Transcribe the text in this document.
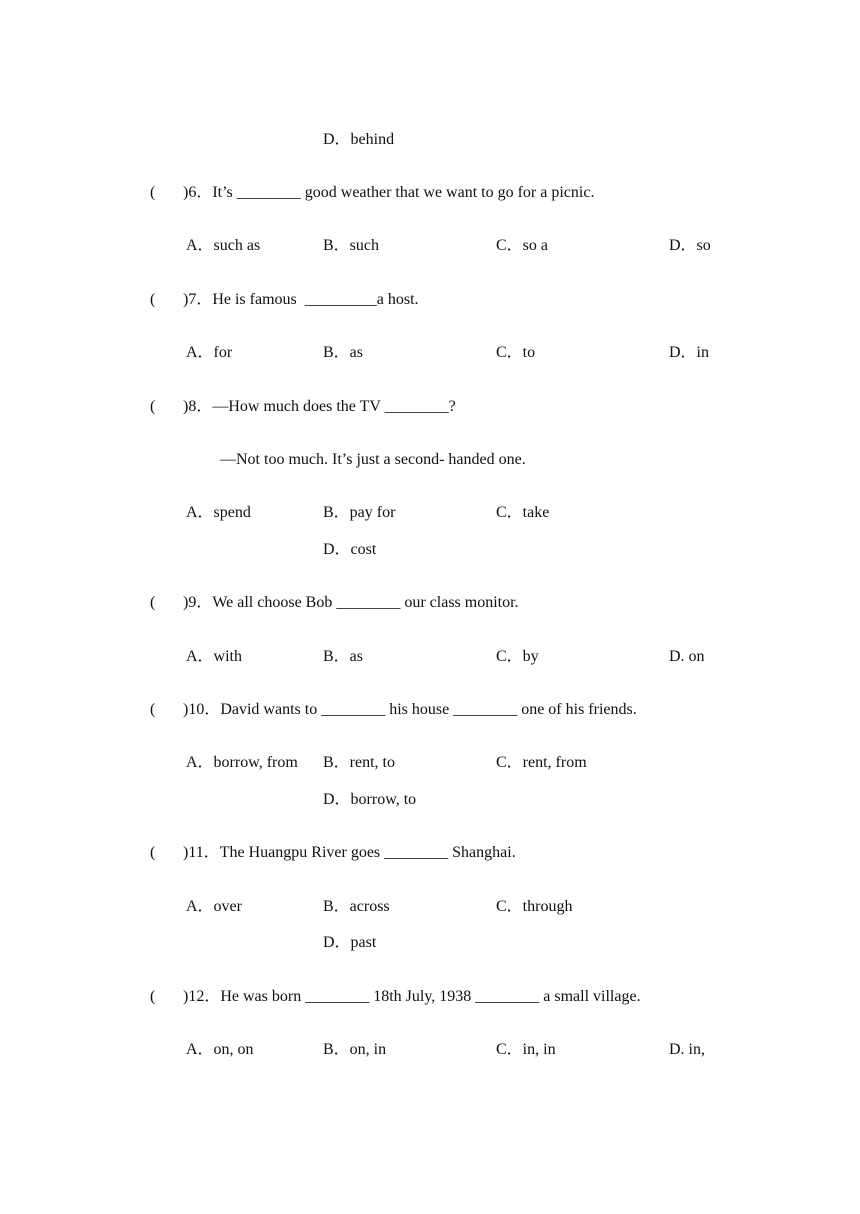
D．behind
( )6．It’s ________ good weather that we want to go for a picnic.
A．such as	B．such	C．so a	D．so
( )7．He is famous  _________a host.
A．for	B．as	C．to	D．in
( )8．—How much does the TV ________?
—Not too much. It’s just a second- handed one.
A．spend	B．pay for	C．take
D．cost
( )9．We all choose Bob ________ our class monitor.
A．with	B．as	C．by	D. on
( )10．David wants to ________ his house ________ one of his friends.
A．borrow, from B．rent, to	C．rent, from
D．borrow, to
( )11．The Huangpu River goes ________ Shanghai.
A．over	B．across	C．through
D．past
( )12．He was born ________ 18th July, 1938 ________ a small village.
A．on, on	B．on, in	C．in, in	D. in,
